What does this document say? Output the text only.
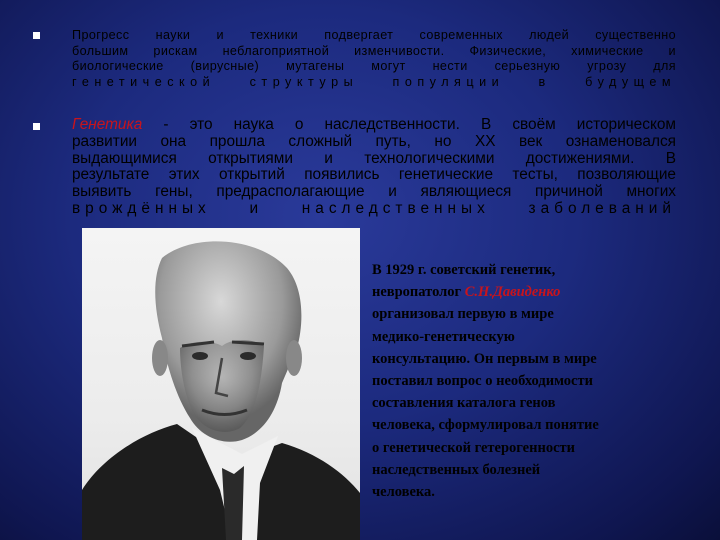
Прогресс науки и техники подвергает современных людей существенно
большим рискам неблагоприятной изменчивости. Физические, химические и
биологические (вирусные) мутагены могут нести серьезную угрозу для
генетической структуры популяции в будущем
Генетика - это наука о наследственности. В своём историческом
развитии она прошла сложный путь, но XX век ознаменовался
выдающимися открытиями и технологическими достижениями. В
результате этих открытий появились генетические тесты, позволяющие
выявить гены, предрасполагающие и являющиеся причиной многих
врождённых и наследственных заболеваний
В 1929 г. советский генетик,
невропатолог С.Н.Давиденко
организовал первую в мире
медико-генетическую
консультацию. Он первым в мире
поставил вопрос о необходимости
составления каталога генов
человека, сформулировал понятие
о генетической гетерогенности
наследственных болезней
человека.
